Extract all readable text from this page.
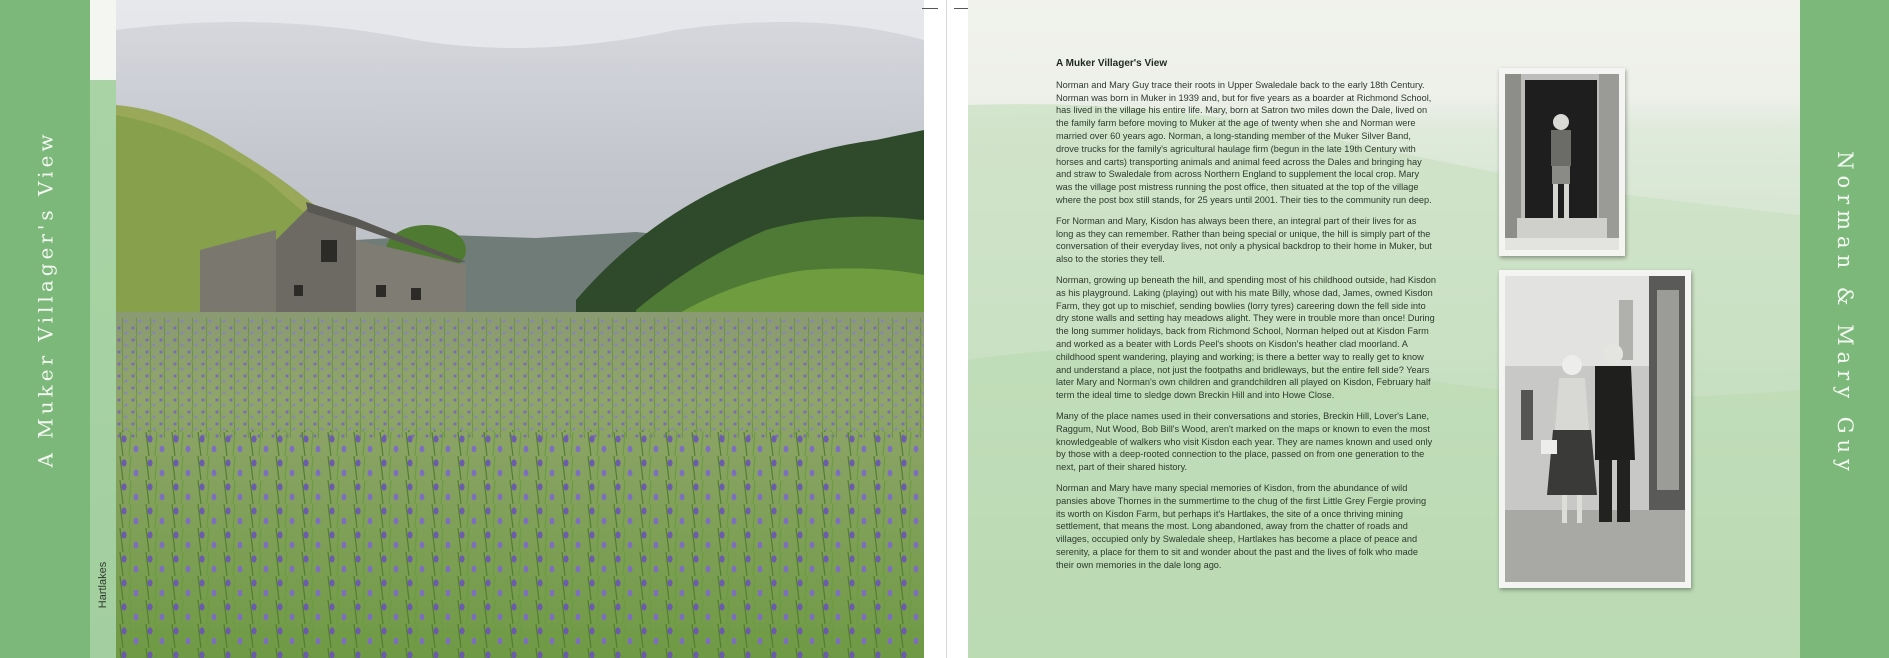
A Muker Villager's View
Hartlakes
A Muker Villager's View

Norman and Mary Guy trace their roots in Upper Swaledale back to the early 18th Century. Norman was born in Muker in 1939 and, but for five years as a boarder at Richmond School, has lived in the village his entire life. Mary, born at Satron two miles down the Dale, lived on the family farm before moving to Muker at the age of twenty when she and Norman were married over 60 years ago. Norman, a long-standing member of the Muker Silver Band, drove trucks for the family's agricultural haulage firm (begun in the late 19th Century with horses and carts) transporting animals and animal feed across the Dales and bringing hay and straw to Swaledale from across Northern England to supplement the local crop. Mary was the village post mistress running the post office, then situated at the top of the village where the post box still stands, for 25 years until 2001. Their ties to the community run deep.

For Norman and Mary, Kisdon has always been there, an integral part of their lives for as long as they can remember. Rather than being special or unique, the hill is simply part of the conversation of their everyday lives, not only a physical backdrop to their home in Muker, but also to the stories they tell.

Norman, growing up beneath the hill, and spending most of his childhood outside, had Kisdon as his playground. Laking (playing) out with his mate Billy, whose dad, James, owned Kisdon Farm, they got up to mischief, sending bowlies (lorry tyres) careering down the fell side into dry stone walls and setting hay meadows alight. They were in trouble more than once! During the long summer holidays, back from Richmond School, Norman helped out at Kisdon Farm and worked as a beater with Lords Peel's shoots on Kisdon's heather clad moorland. A childhood spent wandering, playing and working; is there a better way to really get to know and understand a place, not just the footpaths and bridleways, but the entire fell side? Years later Mary and Norman's own children and grandchildren all played on Kisdon, February half term the ideal time to sledge down Breckin Hill and into Howe Close.

Many of the place names used in their conversations and stories, Breckin Hill, Lover's Lane, Raggum, Nut Wood, Bob Bill's Wood, aren't marked on the maps or known to even the most knowledgeable of walkers who visit Kisdon each year. They are names known and used only by those with a deep-rooted connection to the place, passed on from one generation to the next, part of their shared history.

Norman and Mary have many special memories of Kisdon, from the abundance of wild pansies above Thornes in the summertime to the chug of the first Little Grey Fergie proving its worth on Kisdon Farm, but perhaps it's Hartlakes, the site of a once thriving mining settlement, that means the most. Long abandoned, away from the chatter of roads and villages, occupied only by Swaledale sheep, Hartlakes has become a place of peace and serenity, a place for them to sit and wonder about the past and the lives of folk who made their own memories in the dale long ago.

Norman & Mary Guy
